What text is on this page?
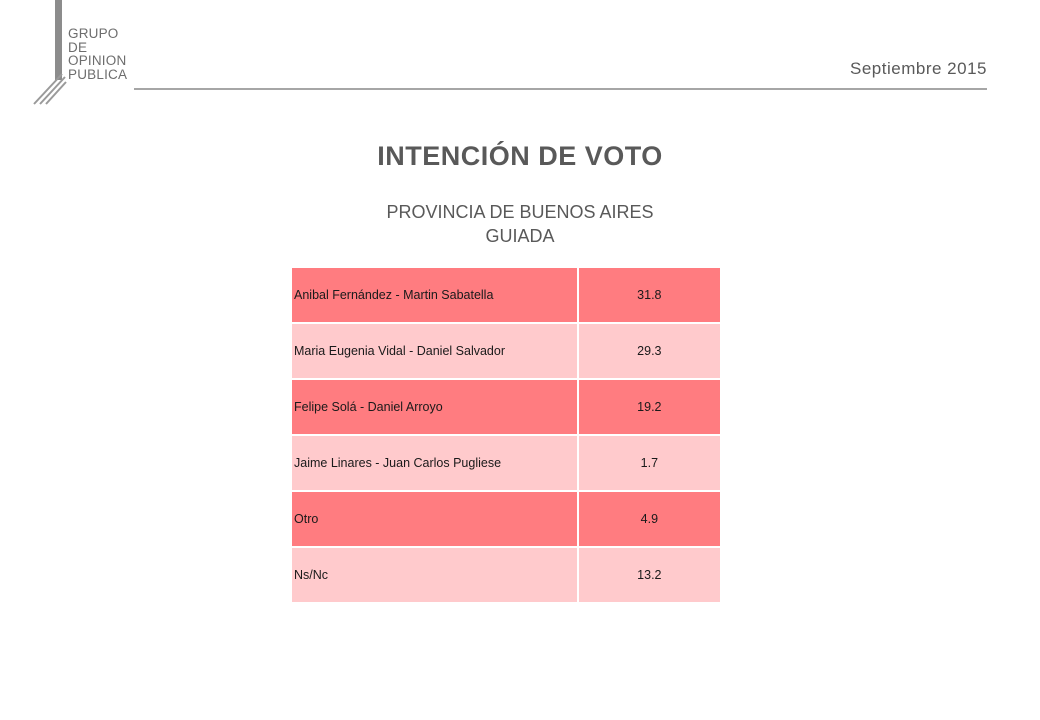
GRUPO
DE
OPINION
PUBLICA	Septiembre 2015
INTENCIÓN DE VOTO
PROVINCIA DE BUENOS AIRES
GUIADA
Anibal Fernández - Martin Sabatella	31.8
Maria Eugenia Vidal - Daniel Salvador	29.3
Felipe Solá - Daniel Arroyo	19.2
Jaime Linares - Juan Carlos Pugliese	1.7
Otro	4.9
Ns/Nc	13.2
